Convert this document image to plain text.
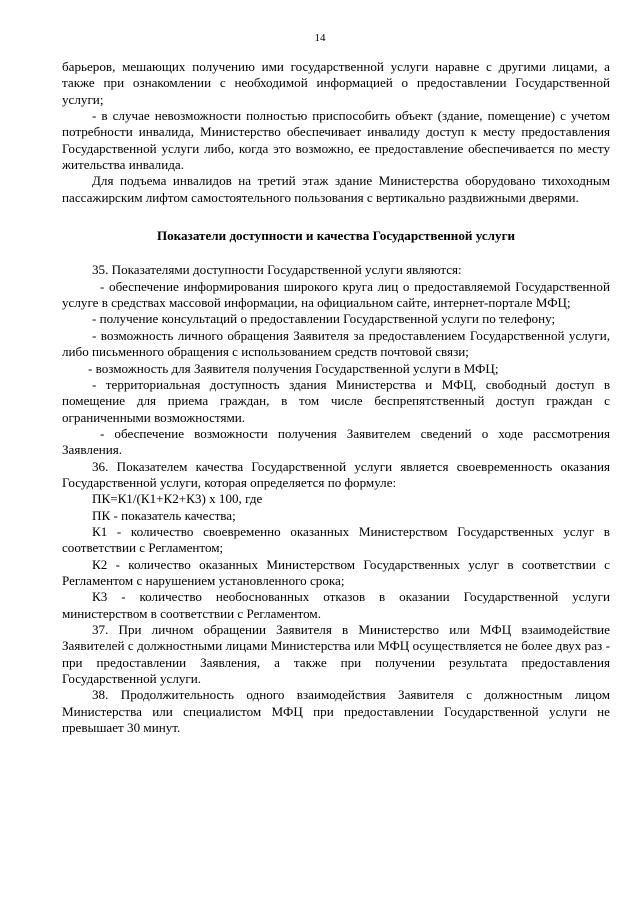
14

барьеров, мешающих получению ими государственной услуги наравне с другими лицами, а также при ознакомлении с необходимой информацией о предоставлении Государственной услуги;

- в случае невозможности полностью приспособить объект (здание, помещение) с учетом потребности инвалида, Министерство обеспечивает инвалиду доступ к месту предоставления Государственной услуги либо, когда это возможно, ее предоставление обеспечивается по месту жительства инвалида.

Для подъема инвалидов на третий этаж здание Министерства оборудовано тихоходным пассажирским лифтом самостоятельного пользования с вертикально раздвижными дверями.

Показатели доступности и качества Государственной услуги

35. Показателями доступности Государственной услуги являются:

- обеспечение информирования широкого круга лиц о предоставляемой Государственной услуге в средствах массовой информации, на официальном сайте, интернет-портале МФЦ;

- получение консультаций о предоставлении Государственной услуги по телефону;

- возможность личного обращения Заявителя за предоставлением Государственной услуги, либо письменного обращения с использованием средств почтовой связи;

- возможность для Заявителя получения Государственной услуги в МФЦ;

- территориальная доступность здания Министерства и МФЦ, свободный доступ в помещение для приема граждан, в том числе беспрепятственный доступ граждан с ограниченными возможностями.

- обеспечение возможности получения Заявителем сведений о ходе рассмотрения Заявления.

36. Показателем качества Государственной услуги является своевременность оказания Государственной услуги, которая определяется по формуле:

ПК=К1/(К1+К2+К3) х 100, где

ПК - показатель качества;

К1 - количество своевременно оказанных Министерством Государственных услуг в соответствии с Регламентом;

К2 - количество оказанных Министерством Государственных услуг в соответствии с Регламентом с нарушением установленного срока;

К3 - количество необоснованных отказов в оказании Государственной услуги министерством в соответствии с Регламентом.

37. При личном обращении Заявителя в Министерство или МФЦ взаимодействие Заявителей с должностными лицами Министерства или МФЦ осуществляется не более двух раз - при предоставлении Заявления, а также при получении результата предоставления Государственной услуги.

38. Продолжительность одного взаимодействия Заявителя с должностным лицом Министерства или специалистом МФЦ при предоставлении Государственной услуги не превышает 30 минут.
